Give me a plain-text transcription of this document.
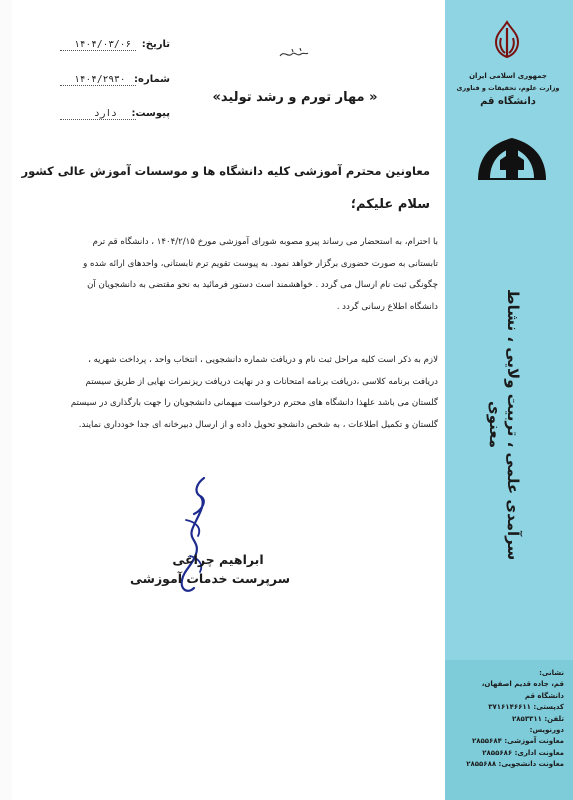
جمهوری اسلامی ایران
وزارت علوم، تحقیقات و فناوری
دانشگاه قم
سرآمدی علمی ، تربیت ولایی ، نشاط معنوی
نشانی:
قم، جاده قدیم اصفهان،
دانشگاه قم
کدپستی: ۳۷۱۶۱۴۶۶۱۱
تلفن: ۲۸۵۳۳۱۱
دورنویس:
معاونت آموزشی: ۲۸۵۵۶۸۴
معاونت اداری: ۲۸۵۵۶۸۶
معاونت دانشجویی: ۲۸۵۵۶۸۸
تاریخ:
۱۴۰۴/۰۳/۰۶
شماره:
۱۴۰۴/۲۹۳۰
پیوست:
دارد
« مهار تورم و رشد تولید»
معاونین محترم آموزشی کلیه دانشگاه ها و موسسات آموزش عالی کشور
سلام علیکم؛
با احترام، به استحضار می رساند پیرو مصوبه شورای آموزشی مورخ ۱۴۰۴/۲/۱۵ ، دانشگاه قم ترم
تابستانی به صورت حضوری برگزار خواهد نمود. به پیوست تقویم ترم تابستانی، واحدهای ارائه شده و
چگونگی ثبت نام ارسال می گردد . خواهشمند است دستور فرمائید به نحو مقتضی به دانشجویان آن
دانشگاه اطلاع رسانی گردد .
لازم به ذکر است کلیه مراحل ثبت نام و دریافت شماره دانشجویی ، انتخاب واحد ، پرداخت شهریه ،
دریافت برنامه کلاسی ،دریافت برنامه امتحانات و در نهایت دریافت ریزنمرات نهایی از طریق سیستم
گلستان می باشد علهذا دانشگاه های محترم درخواست میهمانی دانشجویان را جهت بارگذاری در سیستم
گلستان و تکمیل اطلاعات ، به شخص دانشجو تحویل داده و از ارسال دبیرخانه ای جدا خودداری نمایند.
ابراهیم چراغی
سرپرست خدمات آموزشی
